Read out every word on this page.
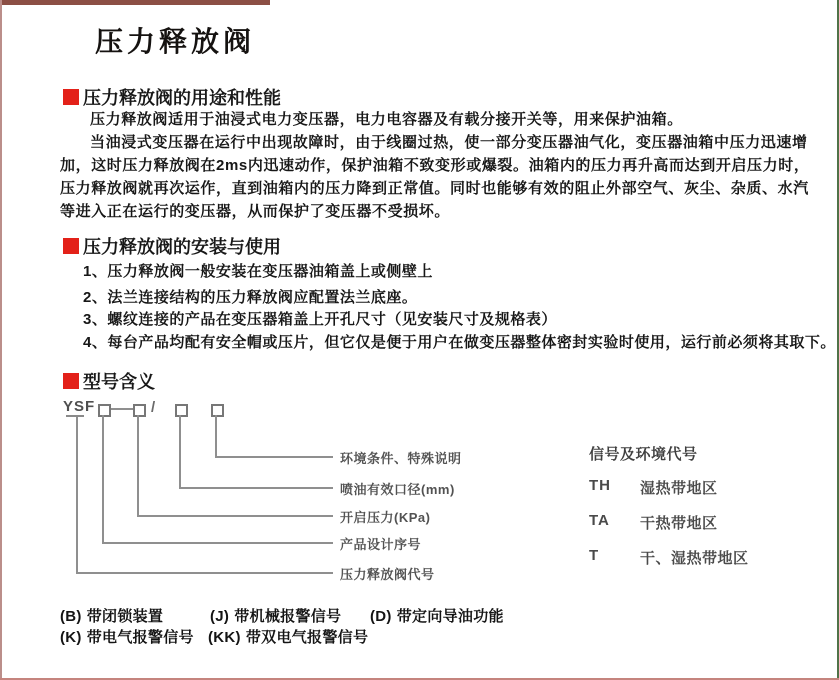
压力释放阀
压力释放阀的用途和性能
压力释放阀适用于油浸式电力变压器，电力电容器及有载分接开关等，用来保护油箱。
当油浸式变压器在运行中出现故障时，由于线圈过热，使一部分变压器油气化，变压器油箱中压力迅速增
加，这时压力释放阀在2ms内迅速动作，保护油箱不致变形或爆裂。油箱内的压力再升高而达到开启压力时，
压力释放阀就再次运作，直到油箱内的压力降到正常值。同时也能够有效的阻止外部空气、灰尘、杂质、水汽
等进入正在运行的变压器，从而保护了变压器不受损坏。
压力释放阀的安装与使用
1、压力释放阀一般安装在变压器油箱盖上或侧壁上
2、法兰连接结构的压力释放阀应配置法兰底座。
3、螺纹连接的产品在变压器箱盖上开孔尺寸（见安装尺寸及规格表）
4、每台产品均配有安全帽或压片，但它仅是便于用户在做变压器整体密封实验时使用，运行前必须将其取下。
型号含义
YSF	/
环境条件、特殊说明
喷油有效口径(mm)
开启压力(KPa)
产品设计序号
压力释放阀代号
信号及环境代号
TH 湿热带地区
TA 干热带地区
T	干、湿热带地区
(B) 带闭锁装置	(J) 带机械报警信号 (D) 带定向导油功能
(K) 带电气报警信号 (KK) 带双电气报警信号
